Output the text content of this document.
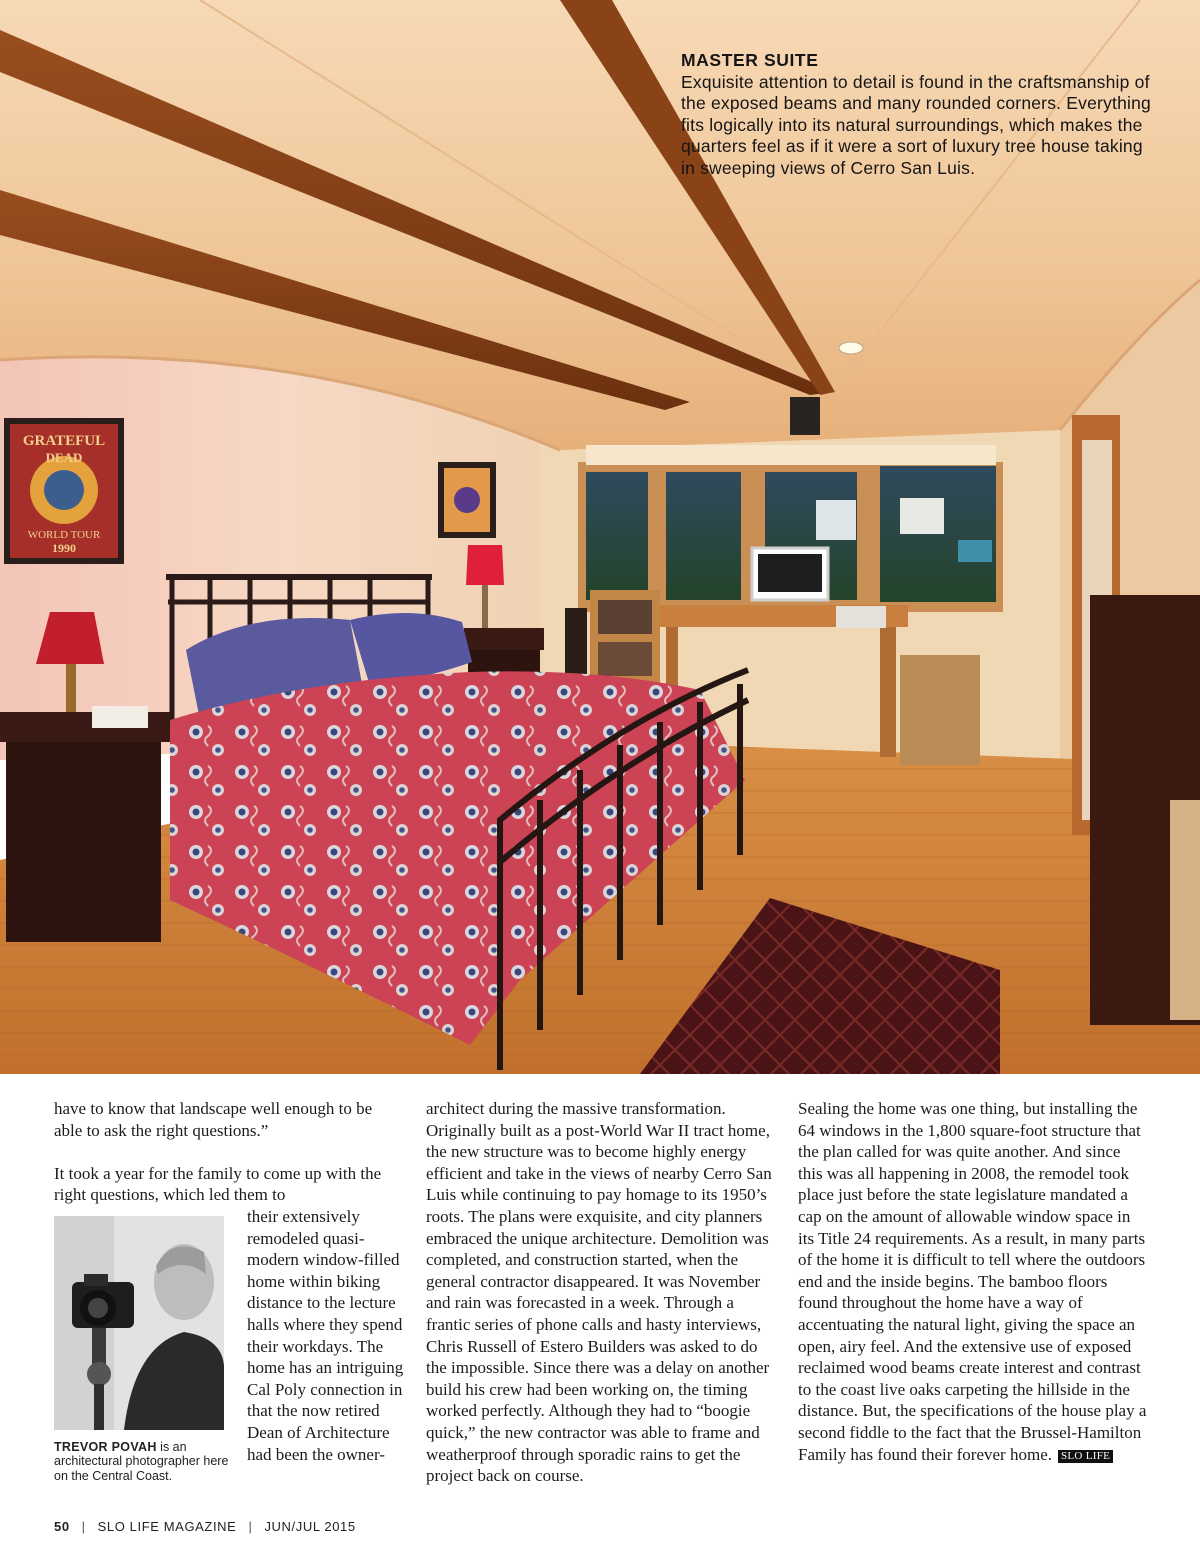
GRATEFUL
DEAD
WORLD TOUR
1990
MASTER SUITE
Exquisite attention to detail is found in the craftsmanship of the exposed beams and many rounded corners. Everything fits logically into its natural surroundings, which makes the quarters feel as if it were a sort of luxury tree house taking in sweeping views of Cerro San Luis.

have to know that landscape well enough to be able to ask the right questions.”

It took a year for the family to come up with the right questions, which led them to

their extensively remodeled quasi-modern window-filled home within biking distance to the lecture halls where they spend their workdays. The home has an intriguing Cal Poly connection in that the now retired Dean of Architecture had been the owner-

architect during the massive transformation. Originally built as a post-World War II tract home, the new structure was to become highly energy efficient and take in the views of nearby Cerro San Luis while continuing to pay homage to its 1950’s roots. The plans were exquisite, and city planners embraced the unique architecture. Demolition was completed, and construction started, when the general contractor disappeared. It was November and rain was forecasted in a week. Through a frantic series of phone calls and hasty interviews, Chris Russell of Estero Builders was asked to do the impossible. Since there was a delay on another build his crew had been working on, the timing worked perfectly. Although they had to “boogie quick,” the new contractor was able to frame and weatherproof through sporadic rains to get the project back on course.

Sealing the home was one thing, but installing the 64 windows in the 1,800 square-foot structure that the plan called for was quite another. And since this was all happening in 2008, the remodel took place just before the state legislature mandated a cap on the amount of allowable window space in its Title 24 requirements. As a result, in many parts of the home it is difficult to tell where the outdoors end and the inside begins. The bamboo floors found throughout the home have a way of accentuating the natural light, giving the space an open, airy feel. And the extensive use of exposed reclaimed wood beams create interest and contrast to the coast live oaks carpeting the hillside in the distance. But, the specifications of the house play a second fiddle to the fact that the Brussel-Hamilton Family has found their forever home. SLO LIFE

TREVOR POVAH is an architectural photographer here on the Central Coast.
50 | SLO LIFE MAGAZINE | JUN/JUL 2015
